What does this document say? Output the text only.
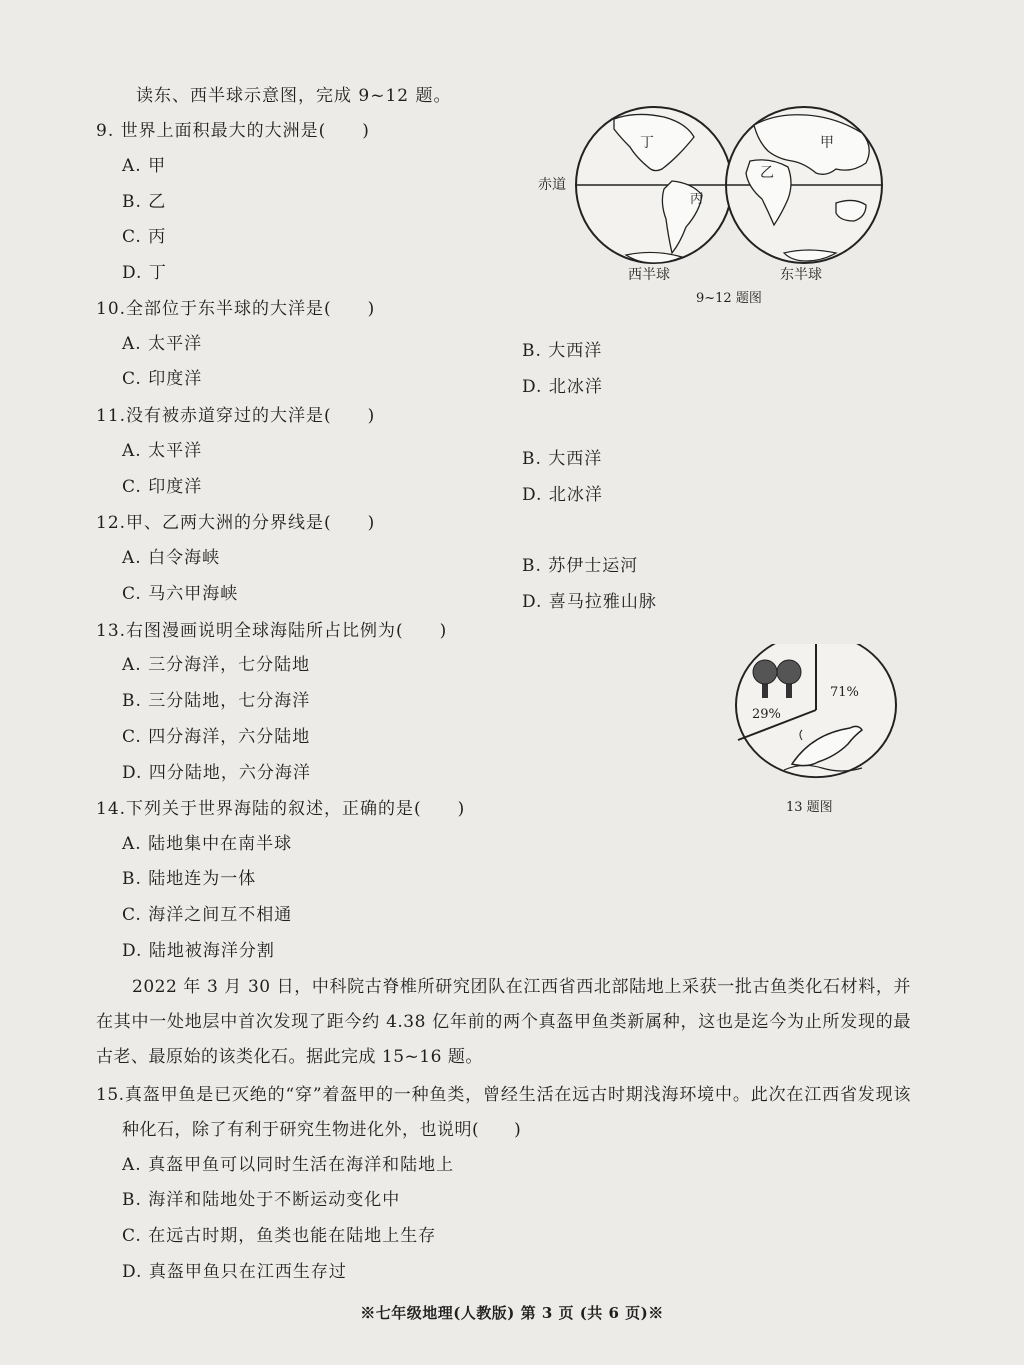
读东、西半球示意图，完成 9~12 题。
9. 世界上面积最大的大洲是(　　)
A. 甲
B. 乙
C. 丙
D. 丁
丁
丙
乙
甲
赤道
西半球	东半球
9~12 题图
10.全部位于东半球的大洋是(　　)
A. 太平洋	B. 大西洋
C. 印度洋	D. 北冰洋
11.没有被赤道穿过的大洋是(　　)
A. 太平洋	B. 大西洋
C. 印度洋	D. 北冰洋
12.甲、乙两大洲的分界线是(　　)
A. 白令海峡	B. 苏伊士运河
C. 马六甲海峡	D. 喜马拉雅山脉
13.右图漫画说明全球海陆所占比例为(　　)
A. 三分海洋，七分陆地
B. 三分陆地，七分海洋
C. 四分海洋，六分陆地
D. 四分陆地，六分海洋
29%
71%
13 题图
14.下列关于世界海陆的叙述，正确的是(　　)
A. 陆地集中在南半球
B. 陆地连为一体
C. 海洋之间互不相通
D. 陆地被海洋分割
2022 年 3 月 30 日，中科院古脊椎所研究团队在江西省西北部陆地上采获一批古鱼类化石材料，并在其中一处地层中首次发现了距今约 4.38 亿年前的两个真盔甲鱼类新属种，这也是迄今为止所发现的最古老、最原始的该类化石。据此完成 15~16 题。
15.真盔甲鱼是已灭绝的“穿”着盔甲的一种鱼类，曾经生活在远古时期浅海环境中。此次在江西省发现该种化石，除了有利于研究生物进化外，也说明(　　)
A. 真盔甲鱼可以同时生活在海洋和陆地上
B. 海洋和陆地处于不断运动变化中
C. 在远古时期，鱼类也能在陆地上生存
D. 真盔甲鱼只在江西生存过
※七年级地理(人教版) 第 3 页 (共 6 页)※
